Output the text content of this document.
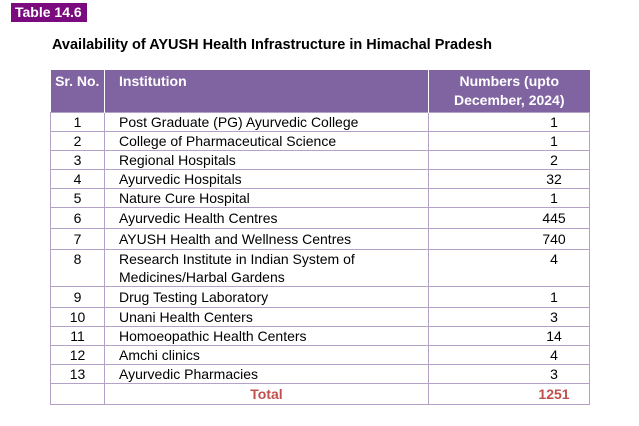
Table 14.6
Availability of AYUSH Health Infrastructure in Himachal Pradesh
Sr. No.	Institution	Numbers (upto December, 2024)
1	Post Graduate (PG) Ayurvedic College	1
2	College of Pharmaceutical Science	1
3	Regional Hospitals	2
4	Ayurvedic Hospitals	32
5	Nature Cure Hospital	1
6	Ayurvedic Health Centres	445
7	AYUSH Health and Wellness Centres	740
8	Research Institute in Indian System of Medicines/Harbal Gardens	4
9	Drug Testing Laboratory	1
10	Unani Health Centers	3
11	Homoeopathic Health Centers	14
12	Amchi clinics	4
13	Ayurvedic Pharmacies	3
	Total	1251
